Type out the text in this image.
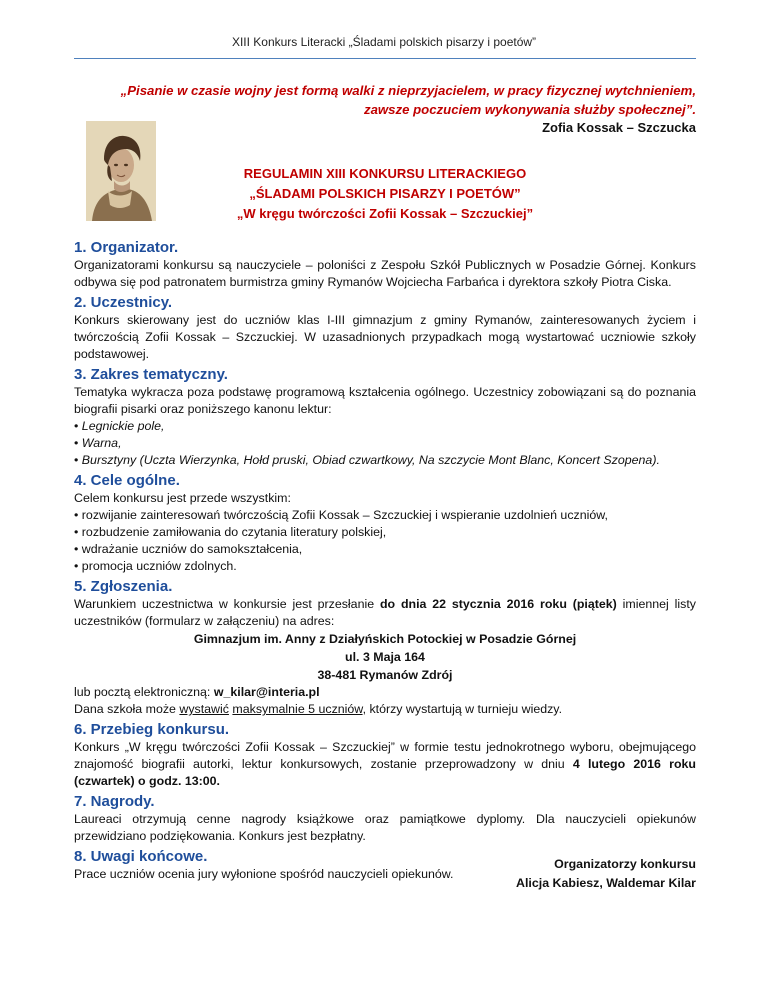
XIII Konkurs Literacki „Śladami polskich pisarzy i poetów”
„Pisanie w czasie wojny jest formą walki z nieprzyjacielem, w pracy fizycznej wytchnieniem,
zawsze poczuciem wykonywania służby społecznej”.
Zofia Kossak – Szczucka
REGULAMIN XIII KONKURSU LITERACKIEGO
„ŚLADAMI POLSKICH PISARZY I POETÓW”
„W kręgu twórczości Zofii Kossak – Szczuckiej”
1. Organizator.
Organizatorami konkursu są nauczyciele – poloniści z Zespołu Szkół Publicznych w Posadzie Górnej. Konkurs odbywa się pod patronatem burmistrza gminy Rymanów Wojciecha Farbańca i dyrektora szkoły Piotra Ciska.
2. Uczestnicy.
Konkurs skierowany jest do uczniów klas I-III gimnazjum z gminy Rymanów, zainteresowanych życiem i twórczością Zofii Kossak – Szczuckiej. W uzasadnionych przypadkach mogą wystartować uczniowie szkoły podstawowej.
3. Zakres tematyczny.
Tematyka wykracza poza podstawę programową kształcenia ogólnego. Uczestnicy zobowiązani są do poznania biografii pisarki oraz poniższego kanonu lektur:
• Legnickie pole,
• Warna,
• Bursztyny (Uczta Wierzynka, Hołd pruski, Obiad czwartkowy, Na szczycie Mont Blanc, Koncert Szopena).
4. Cele ogólne.
Celem konkursu jest przede wszystkim:
• rozwijanie zainteresowań twórczością Zofii Kossak – Szczuckiej i wspieranie uzdolnień uczniów,
• rozbudzenie zamiłowania do czytania literatury polskiej,
• wdrażanie uczniów do samokształcenia,
• promocja uczniów zdolnych.
5. Zgłoszenia.
Warunkiem uczestnictwa w konkursie jest przesłanie do dnia 22 stycznia 2016 roku (piątek) imiennej listy uczestników (formularz w załączeniu) na adres:
Gimnazjum im. Anny z Działyńskich Potockiej w Posadzie Górnej
ul. 3 Maja 164
38-481 Rymanów Zdrój
lub pocztą elektroniczną: w_kilar@interia.pl
Dana szkoła może wystawić maksymalnie 5 uczniów, którzy wystartują w turnieju wiedzy.
6. Przebieg konkursu.
Konkurs „W kręgu twórczości Zofii Kossak – Szczuckiej” w formie testu jednokrotnego wyboru, obejmującego znajomość biografii autorki, lektur konkursowych, zostanie przeprowadzony w dniu 4 lutego 2016 roku (czwartek) o godz. 13:00.
7. Nagrody.
Laureaci otrzymują cenne nagrody książkowe oraz pamiątkowe dyplomy. Dla nauczycieli opiekunów przewidziano podziękowania. Konkurs jest bezpłatny.
8. Uwagi końcowe.
Prace uczniów ocenia jury wyłonione spośród nauczycieli opiekunów.
Organizatorzy konkursu
Alicja Kabiesz, Waldemar Kilar
